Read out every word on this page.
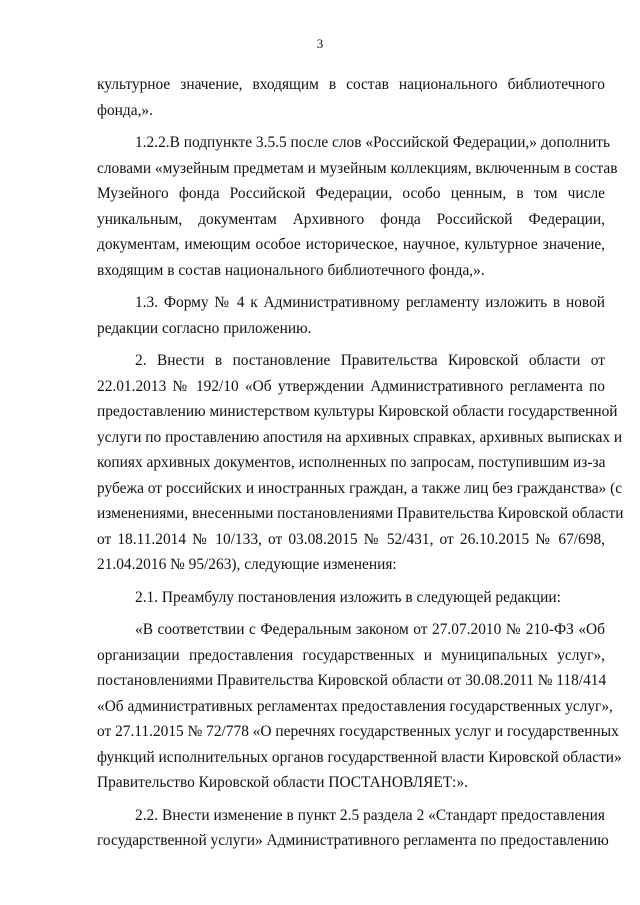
3
культурное значение, входящим в состав национального библиотечного
фонда,».
1.2.2.В подпункте 3.5.5 после слов «Российской Федерации,» дополнить
словами «музейным предметам и музейным коллекциям, включенным в состав
Музейного фонда Российской Федерации, особо ценным, в том числе
уникальным, документам Архивного фонда Российской Федерации,
документам, имеющим особое историческое, научное, культурное значение,
входящим в состав национального библиотечного фонда,».
1.3. Форму № 4 к Административному регламенту изложить в новой
редакции согласно приложению.
2. Внести в постановление Правительства Кировской области от
22.01.2013 № 192/10 «Об утверждении Административного регламента по
предоставлению министерством культуры Кировской области государственной
услуги по проставлению апостиля на архивных справках, архивных выписках и
копиях архивных документов, исполненных по запросам, поступившим из-за
рубежа от российских и иностранных граждан, а также лиц без гражданства» (с
изменениями, внесенными постановлениями Правительства Кировской области
от 18.11.2014 № 10/133, от 03.08.2015 № 52/431, от 26.10.2015 № 67/698,
21.04.2016 № 95/263), следующие изменения:
2.1. Преамбулу постановления изложить в следующей редакции:
«В соответствии с Федеральным законом от 27.07.2010 № 210-ФЗ «Об
организации предоставления государственных и муниципальных услуг»,
постановлениями Правительства Кировской области от 30.08.2011 № 118/414
«Об административных регламентах предоставления государственных услуг»,
от 27.11.2015 № 72/778 «О перечнях государственных услуг и государственных
функций исполнительных органов государственной власти Кировской области»
Правительство Кировской области ПОСТАНОВЛЯЕТ:».
2.2. Внести изменение в пункт 2.5 раздела 2 «Стандарт предоставления
государственной услуги» Административного регламента по предоставлению
